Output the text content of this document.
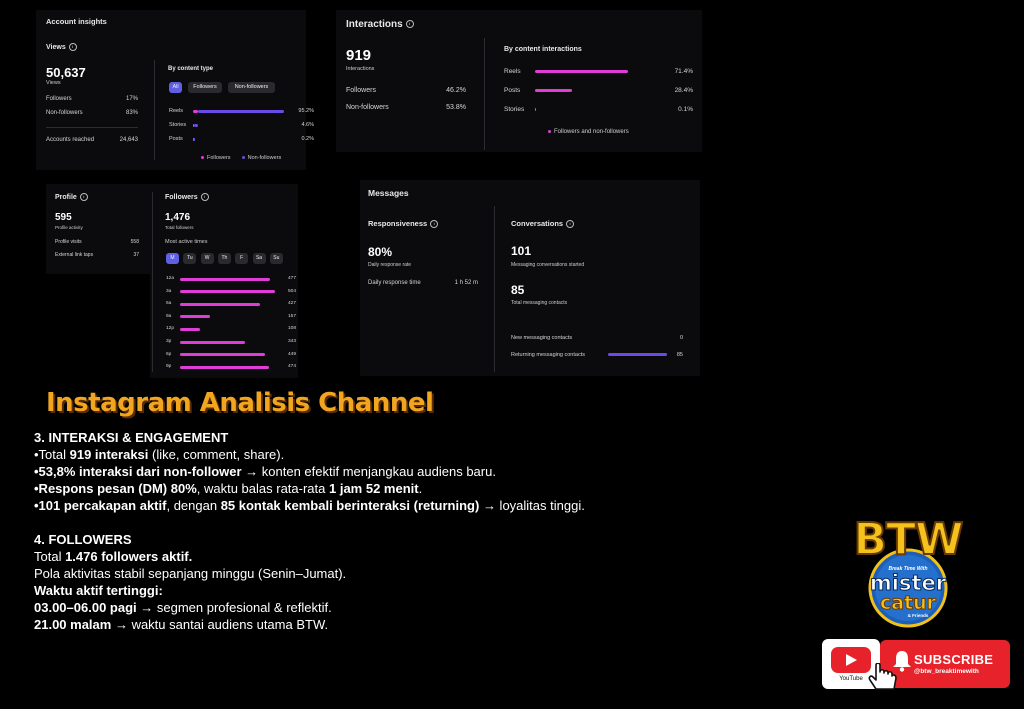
Account insights
Views i
50,637
Views
Followers	17%
Non-followers	83%
Accounts reached	24,643
By content type
All	Followers	Non-followers
Followers	Non-followers
Reels	95.2%
Stories	4.6%
Posts	0.2%
Interactions i
919
Interactions
Followers	46.2%
Non-followers	53.8%
By content interactions
Followers and non-followers
Reels	71.4%
Posts	28.4%
Stories	0.1%
Profile i
595
Profile activity
Profile visits	558
External link taps	37
Followers i
1,476
Total followers
Most active times
M	Tu	W	Th	F	Sa	Su
12a	477
3a	504
6a	427
9a	157
12p	108
3p	343
6p	449
9p	474
Messages
Responsiveness i
80%
Daily response rate
Daily response time	1 h 52 m
Conversations i
101
Messaging conversations started
85
Total messaging contacts
New messaging contacts	0
Returning messaging contacts	85
Instagram Analisis Channel
3. INTERAKSI & ENGAGEMENT
•Total 919 interaksi (like, comment, share).
•53,8% interaksi dari non-follower → konten efektif menjangkau audiens baru.
•Respons pesan (DM) 80%, waktu balas rata-rata 1 jam 52 menit.
•101 percakapan aktif, dengan 85 kontak kembali berinteraksi (returning) → loyalitas tinggi.
4. FOLLOWERS
Total 1.476 followers aktif.
Pola aktivitas stabil sepanjang minggu (Senin–Jumat).
Waktu aktif tertinggi:
03.00–06.00 pagi → segmen profesional & reflektif.
21.00 malam → waktu santai audiens utama BTW.
BTW
Break Time With
mister
catur
& Friends
YouTube
SUBSCRIBE
@btw_breaktimewith
